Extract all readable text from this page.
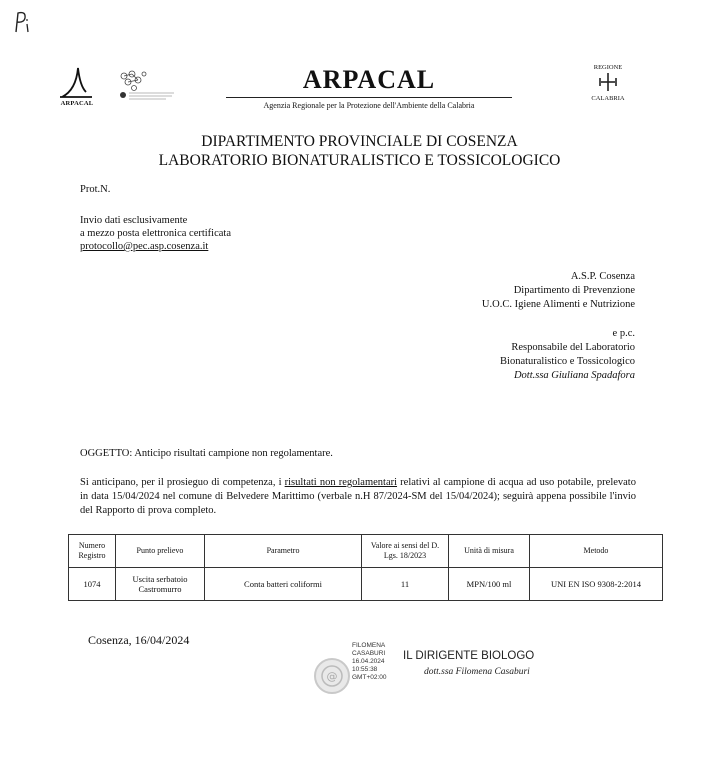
ARPACAL
ARPACAL
Agenzia Regionale per la Protezione dell'Ambiente della Calabria
REGIONE
CALABRIA
DIPARTIMENTO PROVINCIALE DI COSENZA
LABORATORIO BIONATURALISTICO E TOSSICOLOGICO
Prot.N.
Invio dati esclusivamente
a mezzo posta elettronica certificata
protocollo@pec.asp.cosenza.it
A.S.P. Cosenza
Dipartimento di Prevenzione
U.O.C. Igiene Alimenti e Nutrizione
e p.c.
Responsabile del Laboratorio
Bionaturalistico e Tossicologico
Dott.ssa Giuliana Spadafora
OGGETTO: Anticipo risultati campione non regolamentare.
Si anticipano, per il prosieguo di competenza, i risultati non regolamentari relativi al campione di acqua ad uso potabile, prelevato in data 15/04/2024 nel comune di Belvedere Marittimo (verbale n.H 87/2024-SM del 15/04/2024); seguirà appena possibile l'invio del Rapporto di prova completo.
Numero Registro	Punto prelievo	Parametro	Valore ai sensi del D. Lgs. 18/2023	Unità di misura	Metodo
1074	Uscita serbatoio Castromurro	Conta batteri coliformi	11	MPN/100 ml	UNI EN ISO 9308-2:2014
Cosenza, 16/04/2024
@
FILOMENA
CASABURI
16.04.2024
10:55:38
GMT+02:00
IL DIRIGENTE BIOLOGO
dott.ssa Filomena Casaburi
